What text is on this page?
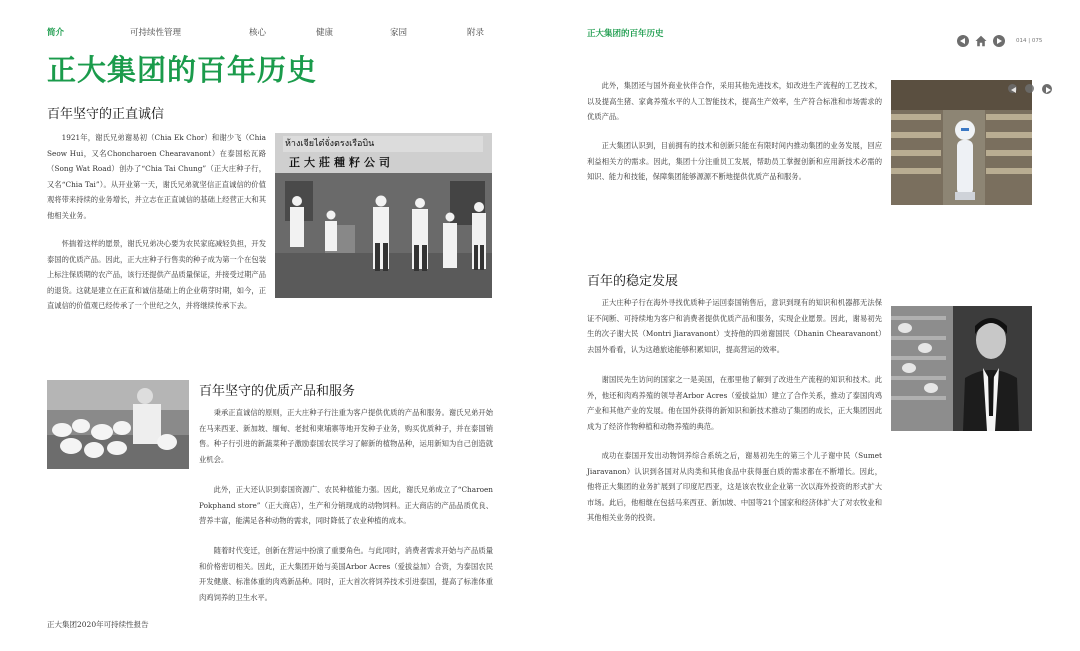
简介	可持续性管理	核心	健康	家园	附录	正大集团的百年历史
014 | 075
正大集团的百年历史
百年坚守的正直诚信

1921年，谢氏兄弟谢易初（Chia Ek Chor）和谢少飞（Chia Seow Hui，又名Choncharoen Chearavanont）在泰国松瓦路（Song Wat Road）创办了“Chia Tai Chung”（正大庄种子行，又名“Chia Tai”）。从开业第一天，谢氏兄弟就坚信正直诚信的价值观将带来持续的业务增长，并立志在正直诚信的基础上经营正大和其他相关业务。

怀揣着这样的愿景，谢氏兄弟决心要为农民家庭减轻负担，开发泰国的优质产品。因此，正大庄种子行售卖的种子成为第一个在包装上标注保质期的农产品，该行还提供产品质量保证，并接受过期产品的退货。这就是建立在正直和诚信基础上的企业萌芽时期，如今，正直诚信的价值观已经传承了一个世纪之久，并将继续传承下去。

ห้างเจียไต๋จั่งตรงเรือบิน
正大莊種籽公司
百年坚守的优质产品和服务

秉承正直诚信的原则，正大庄种子行注重为客户提供优质的产品和服务。谢氏兄弟开始在马来西亚、新加坡、缅甸、老挝和柬埔寨等地开发种子业务，购买优质种子，并在泰国销售。种子行引进的新蔬菜种子激励泰国农民学习了解新的植物品种，运用新知为自己创造就业机会。

此外，正大还认识到泰国资源广、农民种植能力强。因此，谢氏兄弟成立了“Charoen Pokphand store”（正大商店），生产和分销现成的动物饲料。正大商店的产品品质优良、营养丰富，能满足各种动物的需求，同时降低了农业种植的成本。

随着时代变迁，创新在营运中扮演了重要角色。与此同时，消费者需求开始与产品质量和价格密切相关。因此，正大集团开始与美国Arbor Acres（爱拔益加）合资，为泰国农民开发健康、标准体重的肉鸡新品种。同时，正大首次将饲养技术引进泰国，提高了标准体重肉鸡饲养的卫生水平。

正大集团2020年可持续性报告

此外，集团还与国外商业伙伴合作，采用其他先进技术，如改进生产流程的工艺技术，以及提高生猪、家禽养殖水平的人工智能技术，提高生产效率，生产符合标准和市场需求的优质产品。

正大集团认识到，目前拥有的技术和创新只能在有限时间内推动集团的业务发展，回应利益相关方的需求。因此，集团十分注重员工发展，帮助员工掌握创新和应用新技术必需的知识、能力和技能，保障集团能够源源不断地提供优质产品和服务。

百年的稳定发展

正大庄种子行在海外寻找优质种子运回泰国销售后，意识到现有的知识和机器都无法保证不间断、可持续地为客户和消费者提供优质产品和服务，实现企业愿景。因此，谢易初先生的次子谢大民（Montri Jiaravanont）支持他的四弟谢国民（Dhanin Chearavanont）去国外看看，认为这趟旅途能够积累知识，提高营运的效率。

谢国民先生访问的国家之一是美国，在那里他了解到了改进生产流程的知识和技术。此外，他还和肉鸡养殖的领导者Arbor Acres（爱拔益加）建立了合作关系，推动了泰国肉鸡产业和其他产业的发展。他在国外获得的新知识和新技术推动了集团的成长，正大集团因此成为了经济作物种植和动物养殖的典范。

成功在泰国开发出动物饲养综合系统之后，谢易初先生的第三个儿子谢中民（Sumet Jiaravanon）认识到各国对从肉类和其他食品中获得蛋白质的需求都在不断增长。因此，他将正大集团的业务扩展到了印度尼西亚，这是该农牧业企业第一次以海外投资的形式扩大市场。此后，他相继在包括马来西亚、新加坡、中国等21个国家和经济体扩大了对农牧业和其他相关业务的投资。
